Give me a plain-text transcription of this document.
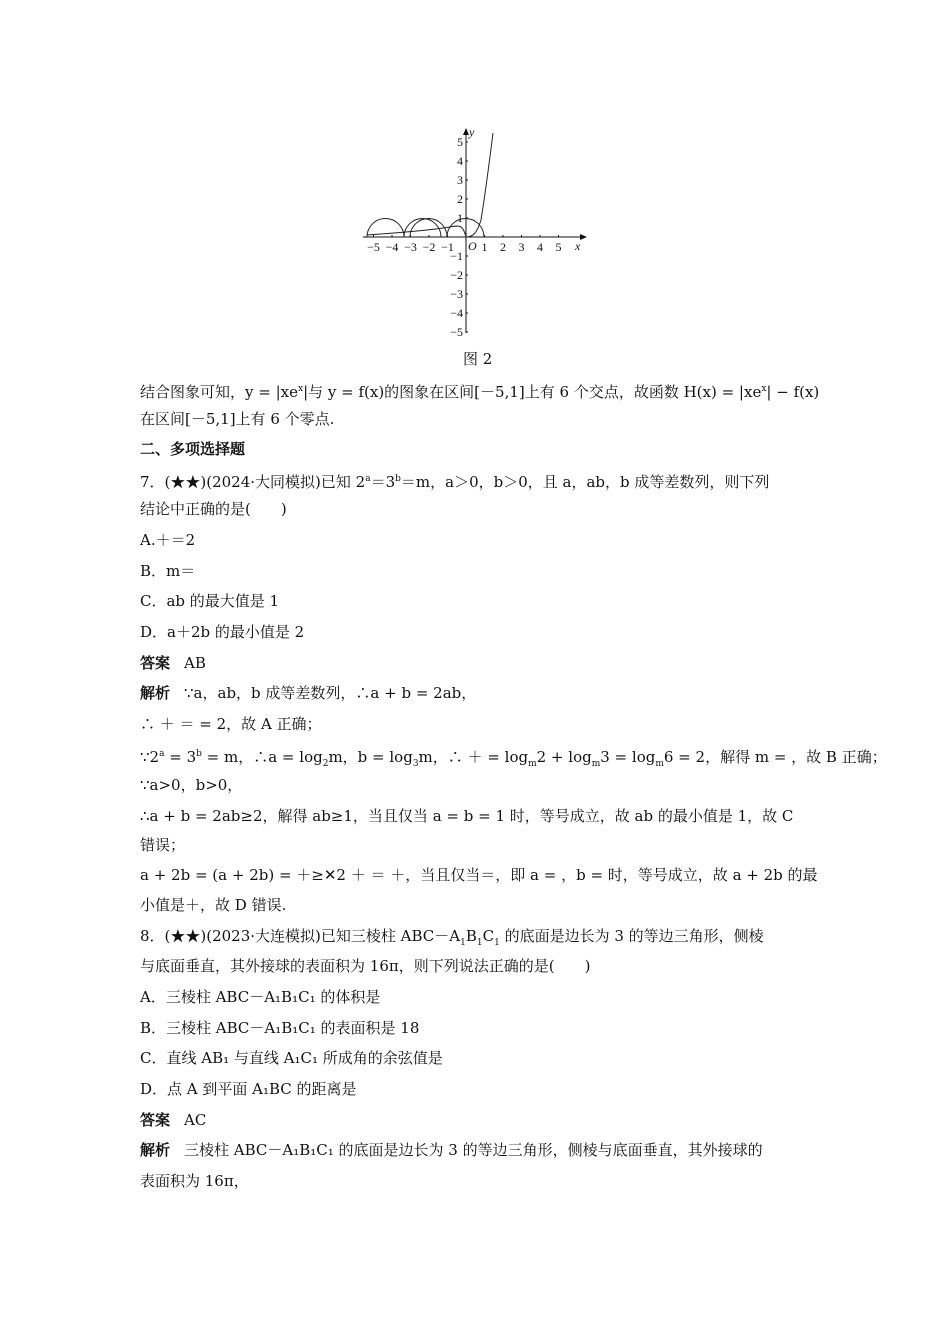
−5 −4 −3 −2 −1 1 2 3 4 5
5
4
3
2
1
−1
−2
−3
−4
−5
x
y
O
图 2
结合图象可知，$y = |xe^x|$与 y = f(x)的图象在区间[－5,1]上有 6 个交点，故函数 $H(x) = |xe^x| - f(x)$
在区间[－5,1]上有 6 个零点.
二、多项选择题
7．(★★)(2024·大同模拟)已知 $2^a=3^b=m$，a＞0，b＞0，且 a，ab，b 成等差数列，则下列
结论中正确的是(　　)
A.＋＝2
B．m＝
C．ab 的最大值是 1
D．a＋2b 的最小值是 2
答案 AB
解析 ∵a，ab，b 成等差数列，∴a + b = 2ab，
∴ ＋ ＝ = 2，故 A 正确；
$\because 2^a = 3^b = m$，∴a = $\log_2m$，$b = \log_3m$，∴ ＋ = $\log_m2 + \log_m3 = \log_m6 = 2$，解得 m = ，故 B 正确；
∵a>0，b>0，
∴a + b = 2ab≥2，解得 ab≥1，当且仅当 a = b = 1 时，等号成立，故 ab 的最小值是 1，故 C
错误；
a + 2b = (a + 2b) = ＋≥✕2 ＋ ＝ ＋，当且仅当＝，即 a = ，b = 时，等号成立，故 a + 2b 的最
小值是＋，故 D 错误.
8．(★★)(2023·大连模拟)已知三棱柱 $ABC-A_1B_1C_1$ 的底面是边长为 3 的等边三角形，侧棱
与底面垂直，其外接球的表面积为 16π，则下列说法正确的是(　　)
A．三棱柱 ABC－A₁B₁C₁ 的体积是
B．三棱柱 ABC－A₁B₁C₁ 的表面积是 18
C．直线 AB₁ 与直线 A₁C₁ 所成角的余弦值是
D．点 A 到平面 A₁BC 的距离是
答案 AC
解析 三棱柱 ABC－A₁B₁C₁ 的底面是边长为 3 的等边三角形，侧棱与底面垂直，其外接球的
表面积为 16π，
